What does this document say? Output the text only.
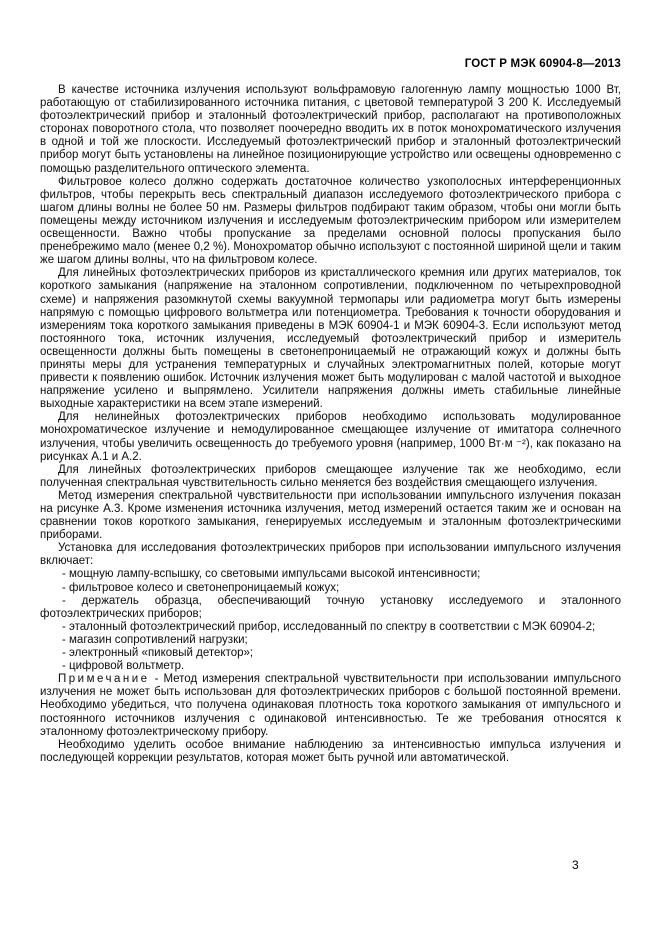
ГОСТ Р МЭК 60904-8—2013

В качестве источника излучения используют вольфрамовую галогенную лампу мощностью 1000 Вт, работающую от стабилизированного источника питания, с цветовой температурой 3 200 К. Исследуемый фотоэлектрический прибор и эталонный фотоэлектрический прибор, располагают на противоположных сторонах поворотного стола, что позволяет поочередно вводить их в поток монохроматического излучения в одной и той же плоскости. Исследуемый фотоэлектрический прибор и эталонный фотоэлектрический прибор могут быть установлены на линейное позиционирующие устройство или освещены одновременно с помощью разделительного оптического элемента.

Фильтровое колесо должно содержать достаточное количество узкополосных интерференционных фильтров, чтобы перекрыть весь спектральный диапазон исследуемого фотоэлектрического прибора с шагом длины волны не более 50 нм. Размеры фильтров подбирают таким образом, чтобы они могли быть помещены между источником излучения и исследуемым фотоэлектрическим прибором или измерителем освещенности. Важно чтобы пропускание за пределами основной полосы пропускания было пренебрежимо мало (менее 0,2 %). Монохроматор обычно используют с постоянной шириной щели и таким же шагом длины волны, что на фильтровом колесе.

Для линейных фотоэлектрических приборов из кристаллического кремния или других материалов, ток короткого замыкания (напряжение на эталонном сопротивлении, подключенном по четырехпроводной схеме) и напряжения разомкнутой схемы вакуумной термопары или радиометра могут быть измерены напрямую с помощью цифрового вольтметра или потенциометра. Требования к точности оборудования и измерениям тока короткого замыкания приведены в МЭК 60904-1 и МЭК 60904-3. Если используют метод постоянного тока, источник излучения, исследуемый фотоэлектрический прибор и измеритель освещенности должны быть помещены в светонепроницаемый не отражающий кожух и должны быть приняты меры для устранения температурных и случайных электромагнитных полей, которые могут привести к появлению ошибок. Источник излучения может быть модулирован с малой частотой и выходное напряжение усилено и выпрямлено. Усилители напряжения должны иметь стабильные линейные выходные характеристики на всем этапе измерений.

Для нелинейных фотоэлектрических приборов необходимо использовать модулированное монохроматическое излучение и немодулированное смещающее излучение от имитатора солнечного излучения, чтобы увеличить освещенность до требуемого уровня (например, 1000 Вт·м ⁻²), как показано на рисунках А.1 и А.2.

Для линейных фотоэлектрических приборов смещающее излучение так же необходимо, если полученная спектральная чувствительность сильно меняется без воздействия смещающего излучения.

Метод измерения спектральной чувствительности при использовании импульсного излучения показан на рисунке А.3. Кроме изменения источника излучения, метод измерений остается таким же и основан на сравнении токов короткого замыкания, генерируемых исследуемым и эталонным фотоэлектрическими приборами.

Установка для исследования фотоэлектрических приборов при использовании импульсного излучения включает:

- мощную лампу-вспышку, со световыми импульсами высокой интенсивности;

- фильтровое колесо и светонепроницаемый кожух;

- держатель образца, обеспечивающий точную установку исследуемого и эталонного фотоэлектрических приборов;

- эталонный фотоэлектрический прибор, исследованный по спектру в соответствии с МЭК 60904-2;

- магазин сопротивлений нагрузки;

- электронный «пиковый детектор»;

- цифровой вольтметр.

Примечание - Метод измерения спектральной чувствительности при использовании импульсного излучения не может быть использован для фотоэлектрических приборов с большой постоянной времени. Необходимо убедиться, что получена одинаковая плотность тока короткого замыкания от импульсного и постоянного источников излучения с одинаковой интенсивностью. Те же требования относятся к эталонному фотоэлектрическому прибору.

Необходимо уделить особое внимание наблюдению за интенсивностью импульса излучения и последующей коррекции результатов, которая может быть ручной или автоматической.

3
